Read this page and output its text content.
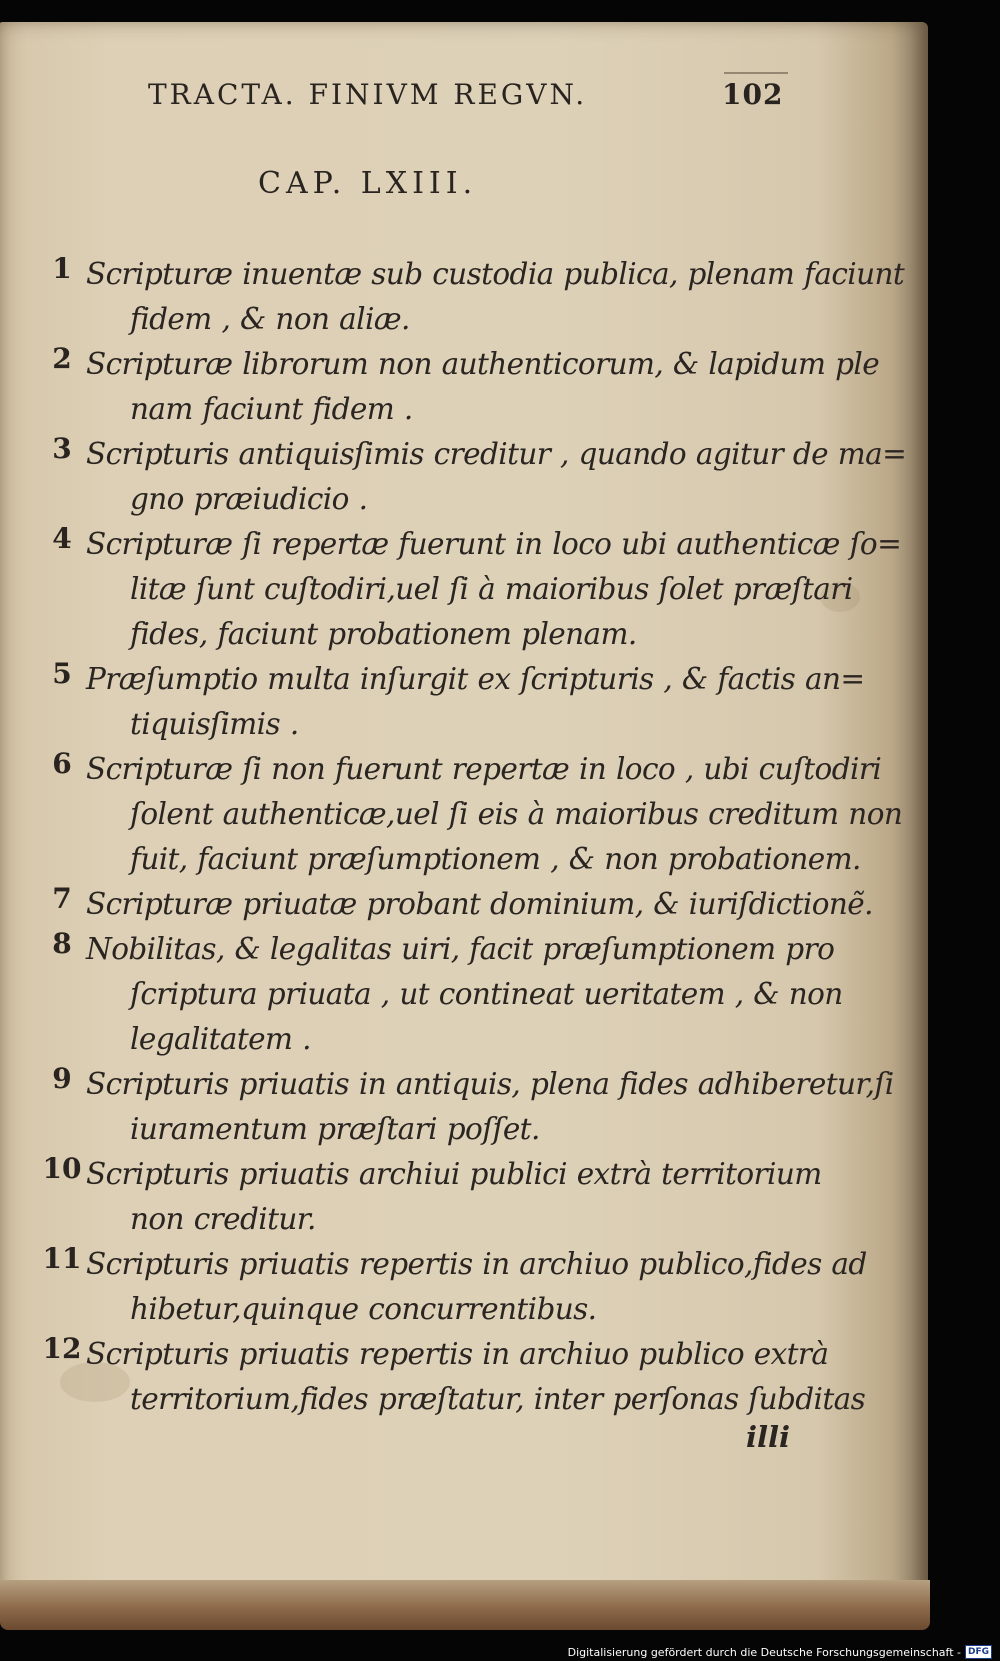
TRACTA. FINIVM REGVN.	102
CAP. LXIII.
1 Scripturæ inuentæ sub custodia publica, plenam faciunt
fidem , & non aliæ.
2 Scripturæ librorum non authenticorum, & lapidum ple
nam faciunt fidem .
3 Scripturis antiquisſimis creditur , quando agitur de ma=
gno præiudicio .
4 Scripturæ ſi repertæ fuerunt in loco ubi authenticæ ſo=
litæ ſunt cuſtodiri,uel ſi à maioribus ſolet præſtari
fides, faciunt probationem plenam.
5 Præſumptio multa inſurgit ex ſcripturis , & factis an=
tiquisſimis .
6 Scripturæ ſi non fuerunt repertæ in loco , ubi cuſtodiri
ſolent authenticæ,uel ſi eis à maioribus creditum non
fuit, faciunt præſumptionem , & non probationem.
7 Scripturæ priuatæ probant dominium, & iuriſdictionẽ.
8 Nobilitas, & legalitas uiri, facit præſumptionem pro
ſcriptura priuata , ut contineat ueritatem , & non
legalitatem .
9 Scripturis priuatis in antiquis, plena fides adhiberetur,ſi
iuramentum præſtari poſſet.
10 Scripturis priuatis archiui publici extrà territorium
non creditur.
11 Scripturis priuatis repertis in archiuo publico,fides ad
hibetur,quinque concurrentibus.
12 Scripturis priuatis repertis in archiuo publico extrà
territorium,fides præſtatur, inter perſonas ſubditas
illi
Digitalisierung gefördert durch die Deutsche Forschungsgemeinschaft - DFG
